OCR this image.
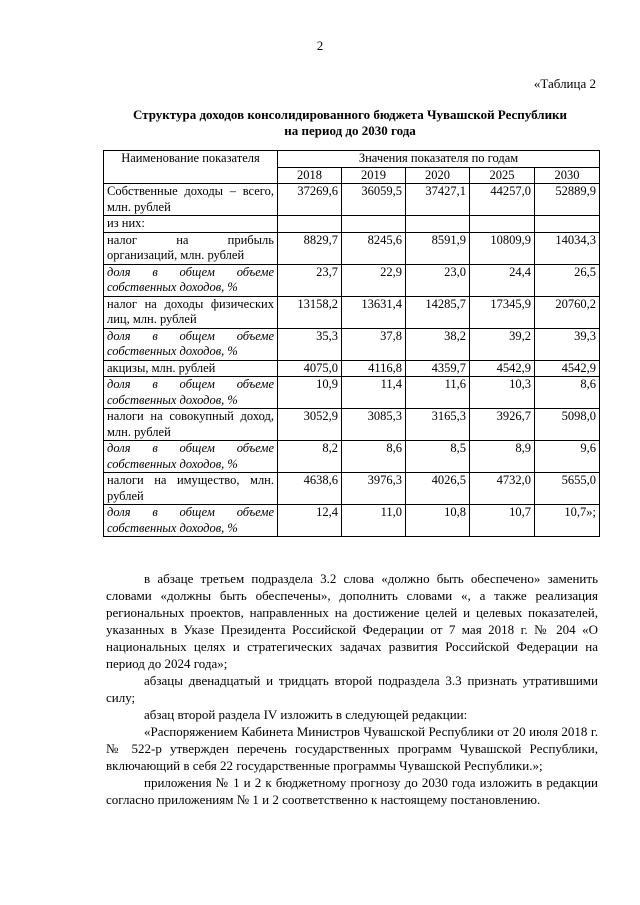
2
«Таблица 2
Структура доходов консолидированного бюджета Чувашской Республики
на период до 2030 года
Наименование показателя	Значения показателя по годам				
	2018	2019	2020	2025	2030
Собственные доходы – всего, млн. рублей	37269,6	36059,5	37427,1	44257,0	52889,9
из них:					
налог на прибыль организаций, млн. рублей	8829,7	8245,6	8591,9	10809,9	14034,3
доля в общем объеме собственных доходов, %	23,7	22,9	23,0	24,4	26,5
налог на доходы физических лиц, млн. рублей	13158,2	13631,4	14285,7	17345,9	20760,2
доля в общем объеме собственных доходов, %	35,3	37,8	38,2	39,2	39,3
акцизы, млн. рублей	4075,0	4116,8	4359,7	4542,9	4542,9
доля в общем объеме собственных доходов, %	10,9	11,4	11,6	10,3	8,6
налоги на совокупный доход, млн. рублей	3052,9	3085,3	3165,3	3926,7	5098,0
доля в общем объеме собственных доходов, %	8,2	8,6	8,5	8,9	9,6
налоги на имущество, млн. рублей	4638,6	3976,3	4026,5	4732,0	5655,0
доля в общем объеме собственных доходов, %	12,4	11,0	10,8	10,7	10,7»;

в абзаце третьем подраздела 3.2 слова «должно быть обеспечено» заменить словами «должны быть обеспечены», дополнить словами «, а также реализация региональных проектов, направленных на достижение целей и целевых показателей, указанных в Указе Президента Российской Федерации от 7 мая 2018 г. № 204 «О национальных целях и стратегических задачах развития Российской Федерации на период до 2024 года»;

абзацы двенадцатый и тридцать второй подраздела 3.3 признать утратившими силу;

абзац второй раздела IV изложить в следующей редакции:

«Распоряжением Кабинета Министров Чувашской Республики от 20 июля 2018 г. № 522-р утвержден перечень государственных программ Чувашской Республики, включающий в себя 22 государственные программы Чувашской Республики.»;

приложения № 1 и 2 к бюджетному прогнозу до 2030 года изложить в редакции согласно приложениям № 1 и 2 соответственно к настоящему постановлению.
